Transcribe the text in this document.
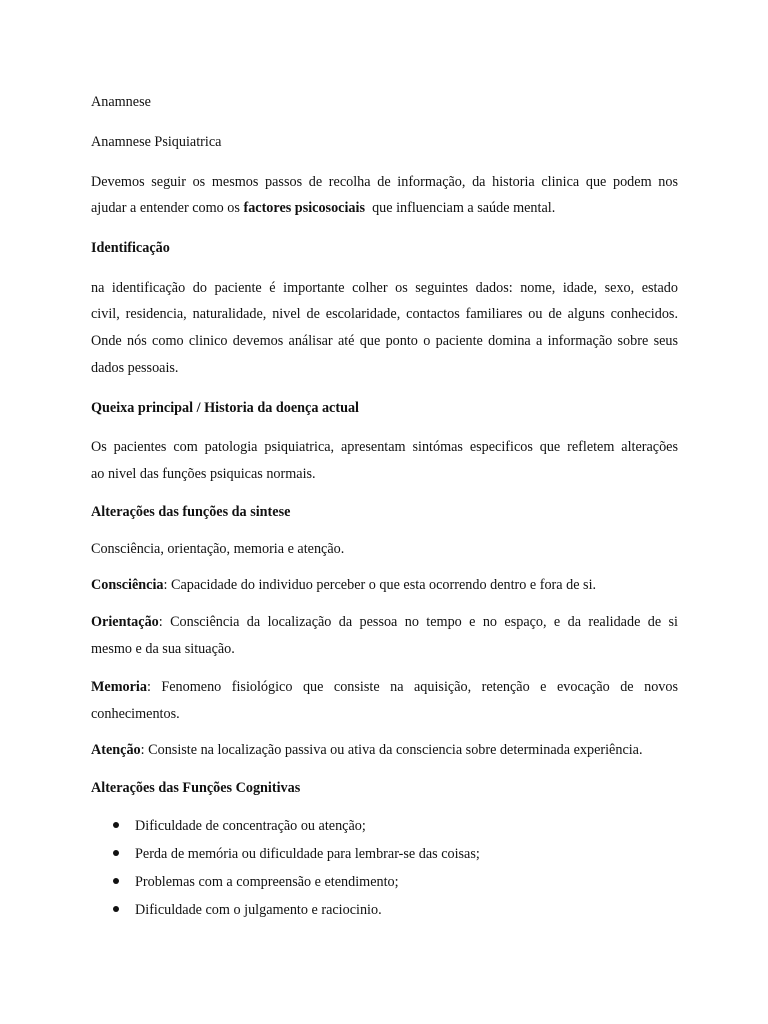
Anamnese
Anamnese Psiquiatrica
Devemos seguir os mesmos passos de recolha de informação, da historia clinica que podem nos
ajudar a entender como os factores psicosociais  que influenciam a saúde mental.
Identificação
na identificação do paciente é importante colher os seguintes dados: nome, idade, sexo, estado
civil, residencia, naturalidade, nivel de escolaridade, contactos familiares ou de alguns conhecidos.
Onde nós como clinico devemos análisar até que ponto o paciente domina a informação sobre seus
dados pessoais.
Queixa principal / Historia da doença actual
Os pacientes com patologia psiquiatrica, apresentam sintómas especificos que refletem alterações
ao nivel das funções psiquicas normais.
Alterações das funções da sintese
Consciência, orientação, memoria e atenção.
Consciência: Capacidade do individuo perceber o que esta ocorrendo dentro e fora de si.
Orientação: Consciência da localização da pessoa no tempo e no espaço, e da realidade de si
mesmo e da sua situação.
Memoria: Fenomeno fisiológico que consiste na aquisição, retenção e evocação de novos
conhecimentos.
Atenção: Consiste na localização passiva ou ativa da consciencia sobre determinada experiência.
Alterações das Funções Cognitivas
Dificuldade de concentração ou atenção;
Perda de memória ou dificuldade para lembrar-se das coisas;
Problemas com a compreensão e etendimento;
Dificuldade com o julgamento e raciocinio.
